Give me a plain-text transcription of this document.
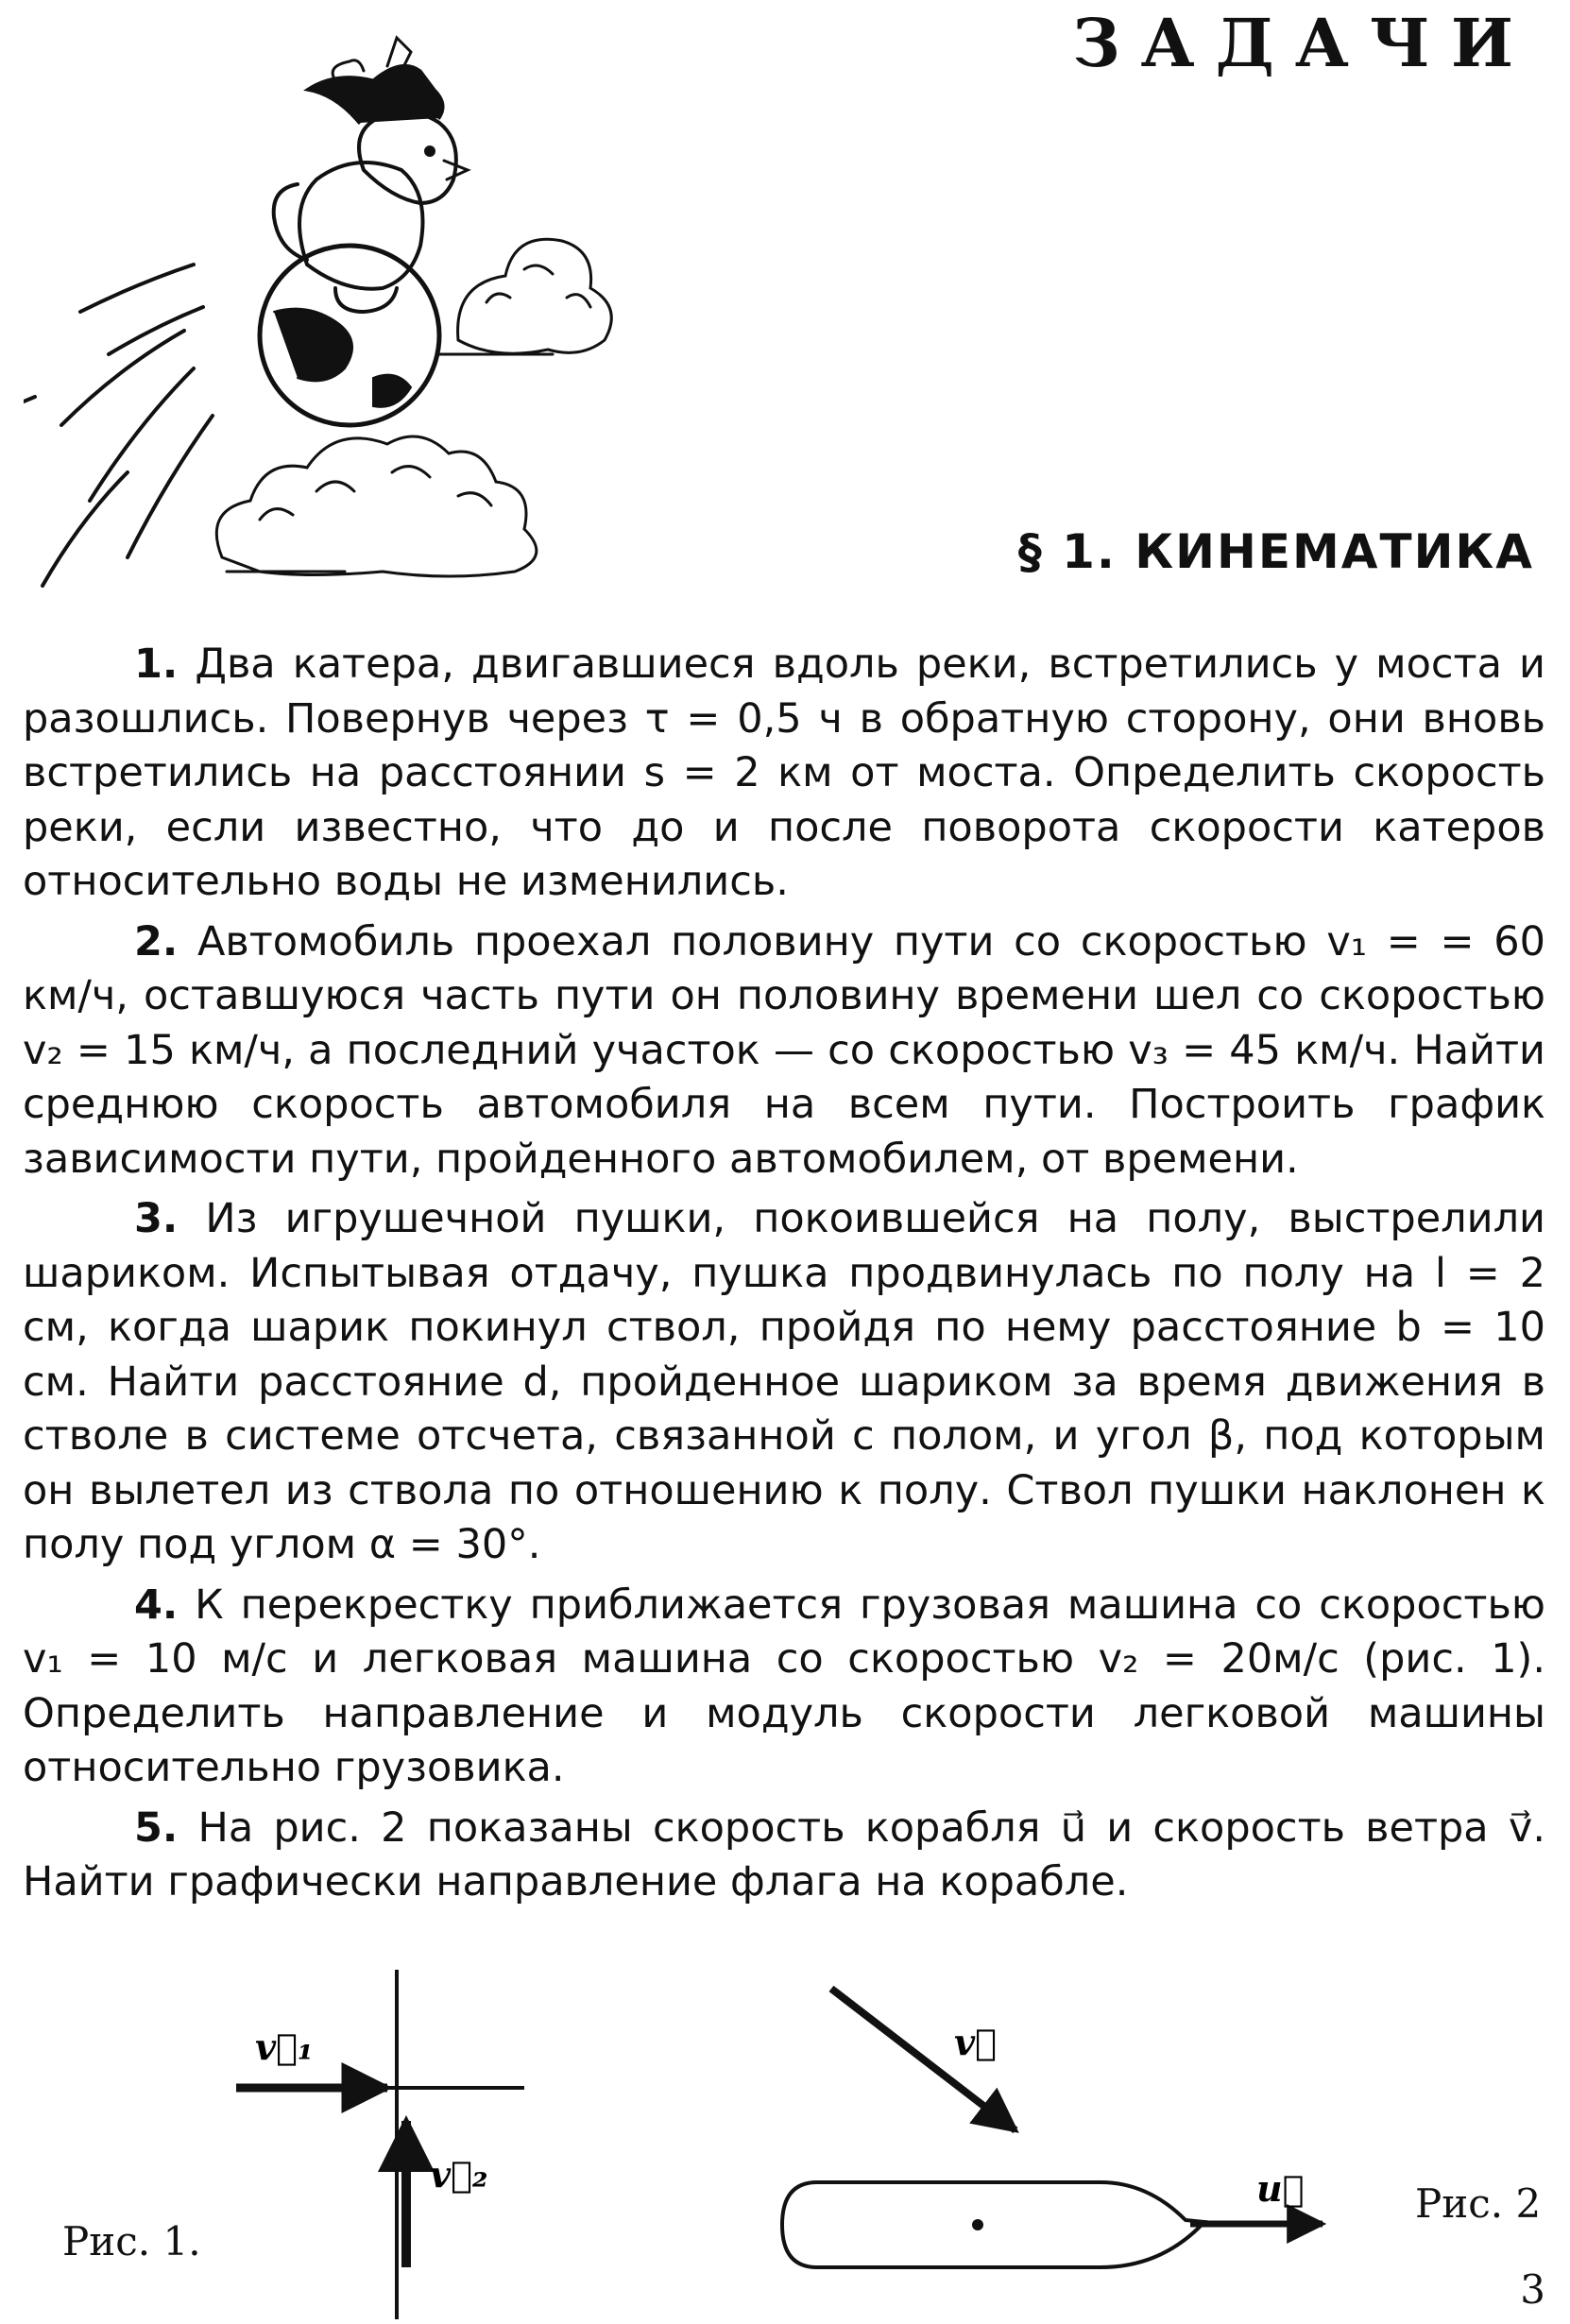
ЗАДАЧИ
§ 1. КИНЕМАТИКА

1. Два катера, двигавшиеся вдоль реки, встретились у моста и разошлись. Повернув через τ = 0,5 ч в обратную сторону, они вновь встретились на расстоянии s = 2 км от моста. Определить скорость реки, если известно, что до и после поворота скорости катеров относительно воды не изменились.

2. Автомобиль проехал половину пути со скоростью v₁ = = 60 км/ч, оставшуюся часть пути он половину времени шел со скоростью v₂ = 15 км/ч, а последний участок — со скоростью v₃ = 45 км/ч. Найти среднюю скорость автомобиля на всем пути. Построить график зависимости пути, пройденного автомобилем, от времени.

3. Из игрушечной пушки, покоившейся на полу, выстрелили шариком. Испытывая отдачу, пушка продвинулась по полу на l = 2 см, когда шарик покинул ствол, пройдя по нему расстояние b = 10 см. Найти расстояние d, пройденное шариком за время движения в стволе в системе отсчета, связанной с полом, и угол β, под которым он вылетел из ствола по отношению к полу. Ствол пушки наклонен к полу под углом α = 30°.

4. К перекрестку приближается грузовая машина со скоростью v₁ = 10 м/с и легковая машина со скоростью v₂ = 20м/с (рис. 1). Определить направление и модуль скорости легковой машины относительно грузовика.

5. На рис. 2 показаны скорость корабля u⃗ и скорость ветра v⃗. Найти графически направление флага на корабле.

v⃗₁
v⃗₂
v⃗
u⃗
Рис. 1.
Рис. 2
3
